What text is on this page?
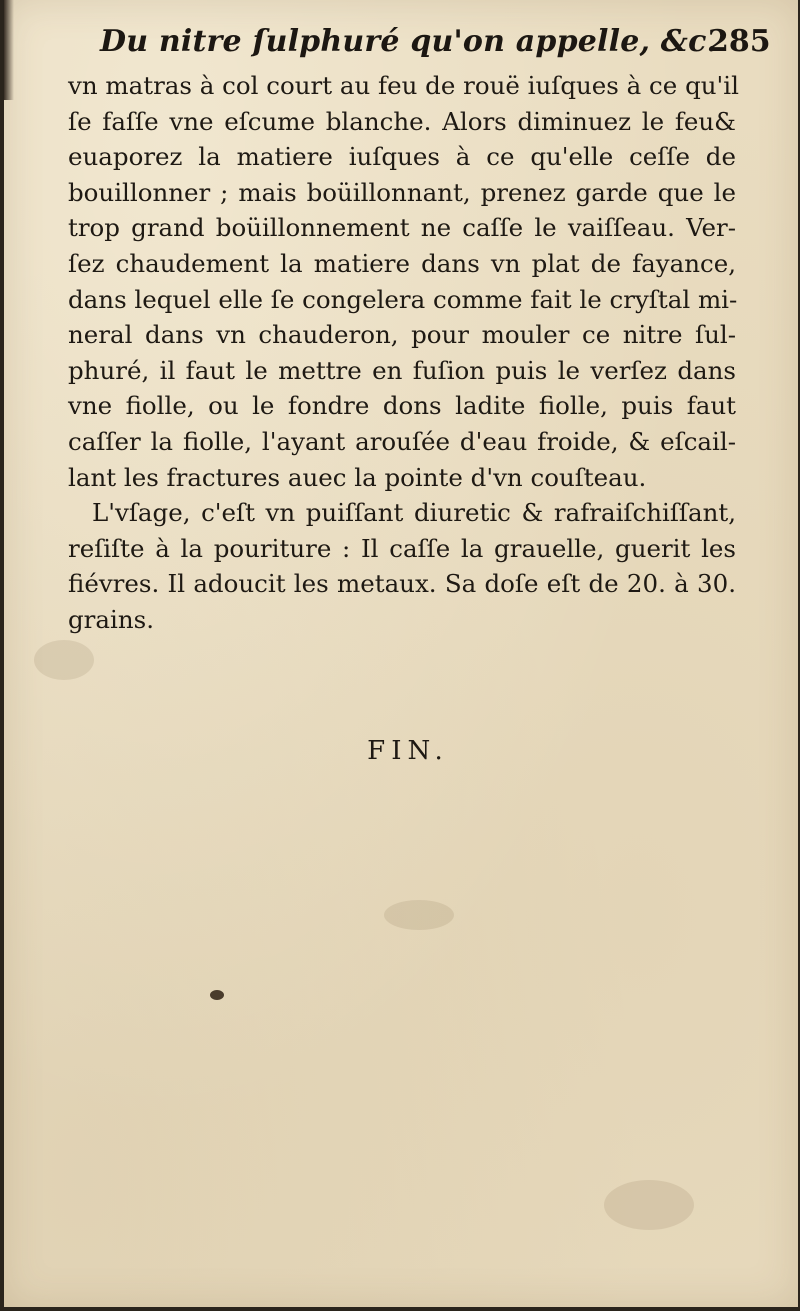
Du nitre ſulphuré qu'on appelle, &c.
285
vn matras à col court au feu de rouë iuſques à ce qu'il
ſe faſſe vne eſcume blanche. Alors diminuez le feu&
euaporez la matiere iuſques à ce qu'elle ceſſe de
bouillonner ; mais boüillonnant, prenez garde que le
trop grand boüillonnement ne caſſe le vaiſſeau. Ver-
ſez chaudement la matiere dans vn plat de fayance,
dans lequel elle ſe congelera comme fait le cryſtal mi-
neral dans vn chauderon, pour mouler ce nitre ſul-
phuré, il faut le mettre en fuſion puis le verſez dans
vne fiolle, ou le fondre dons ladite fiolle, puis faut
caſſer la fiolle, l'ayant arouſée d'eau froide, & eſcail-
lant les fractures auec la pointe d'vn couſteau.
L'vſage, c'eſt vn puiſſant diuretic & rafraiſchiſſant,
reſiſte à la pouriture : Il caſſe la grauelle, guerit les
fiévres. Il adoucit les metaux. Sa doſe eſt de 20. à 30.
grains.
FIN.
